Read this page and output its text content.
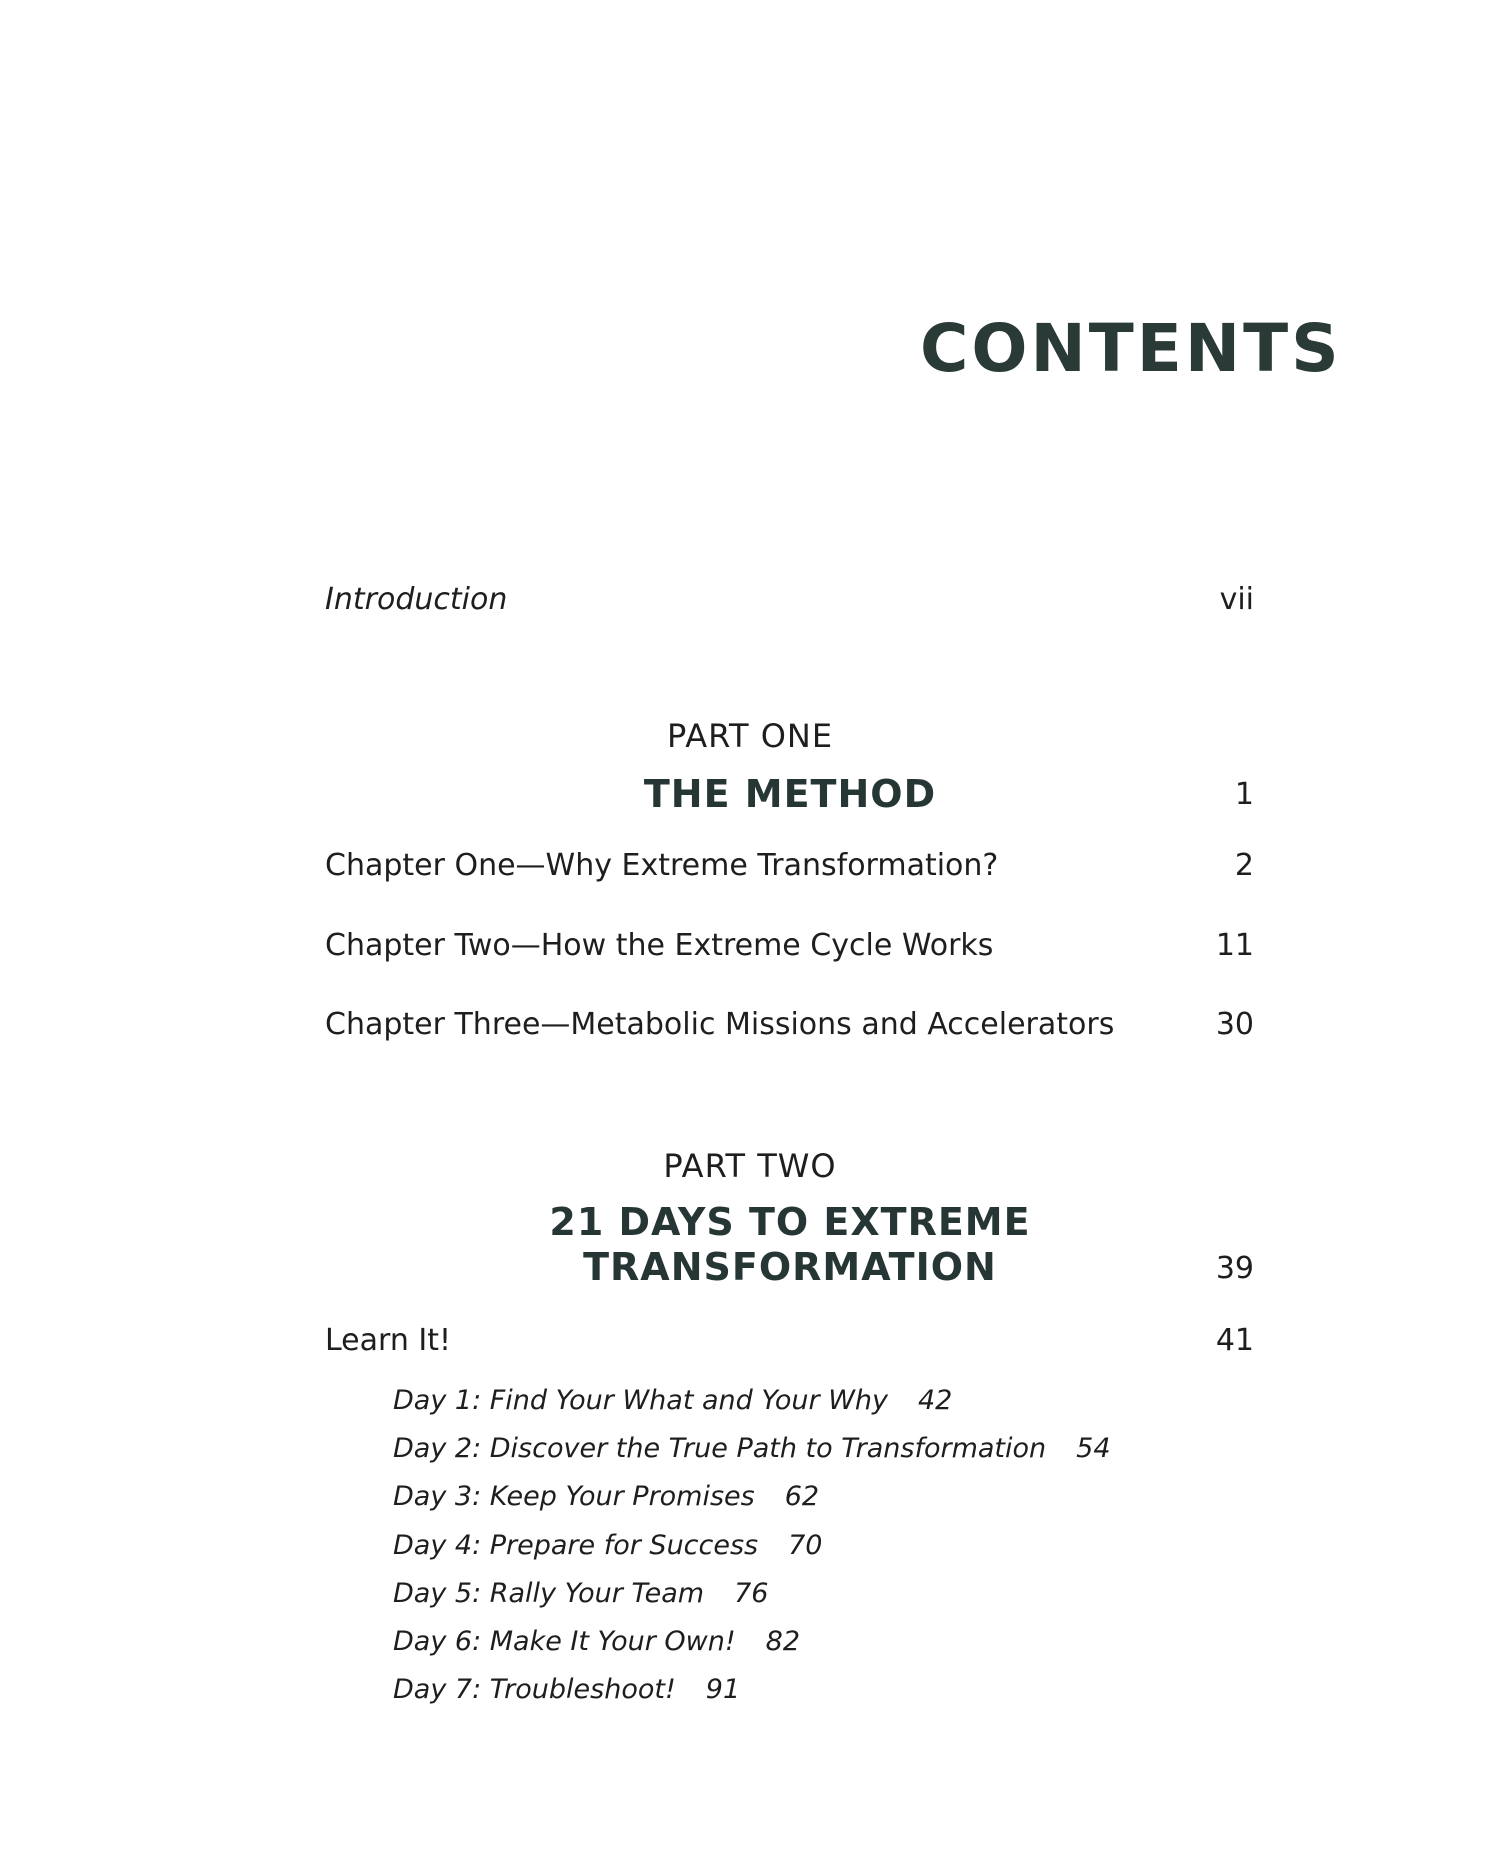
CONTENTS
Introduction	vii
PART ONE
THE METHOD	1
Chapter One—Why Extreme Transformation?	2
Chapter Two—How the Extreme Cycle Works	11
Chapter Three—Metabolic Missions and Accelerators	30
PART TWO
21 DAYS TO EXTREME
TRANSFORMATION	39
Learn It!	41
Day 1: Find Your What and Your Why 42
Day 2: Discover the True Path to Transformation 54
Day 3: Keep Your Promises 62
Day 4: Prepare for Success 70
Day 5: Rally Your Team 76
Day 6: Make It Your Own! 82
Day 7: Troubleshoot! 91
